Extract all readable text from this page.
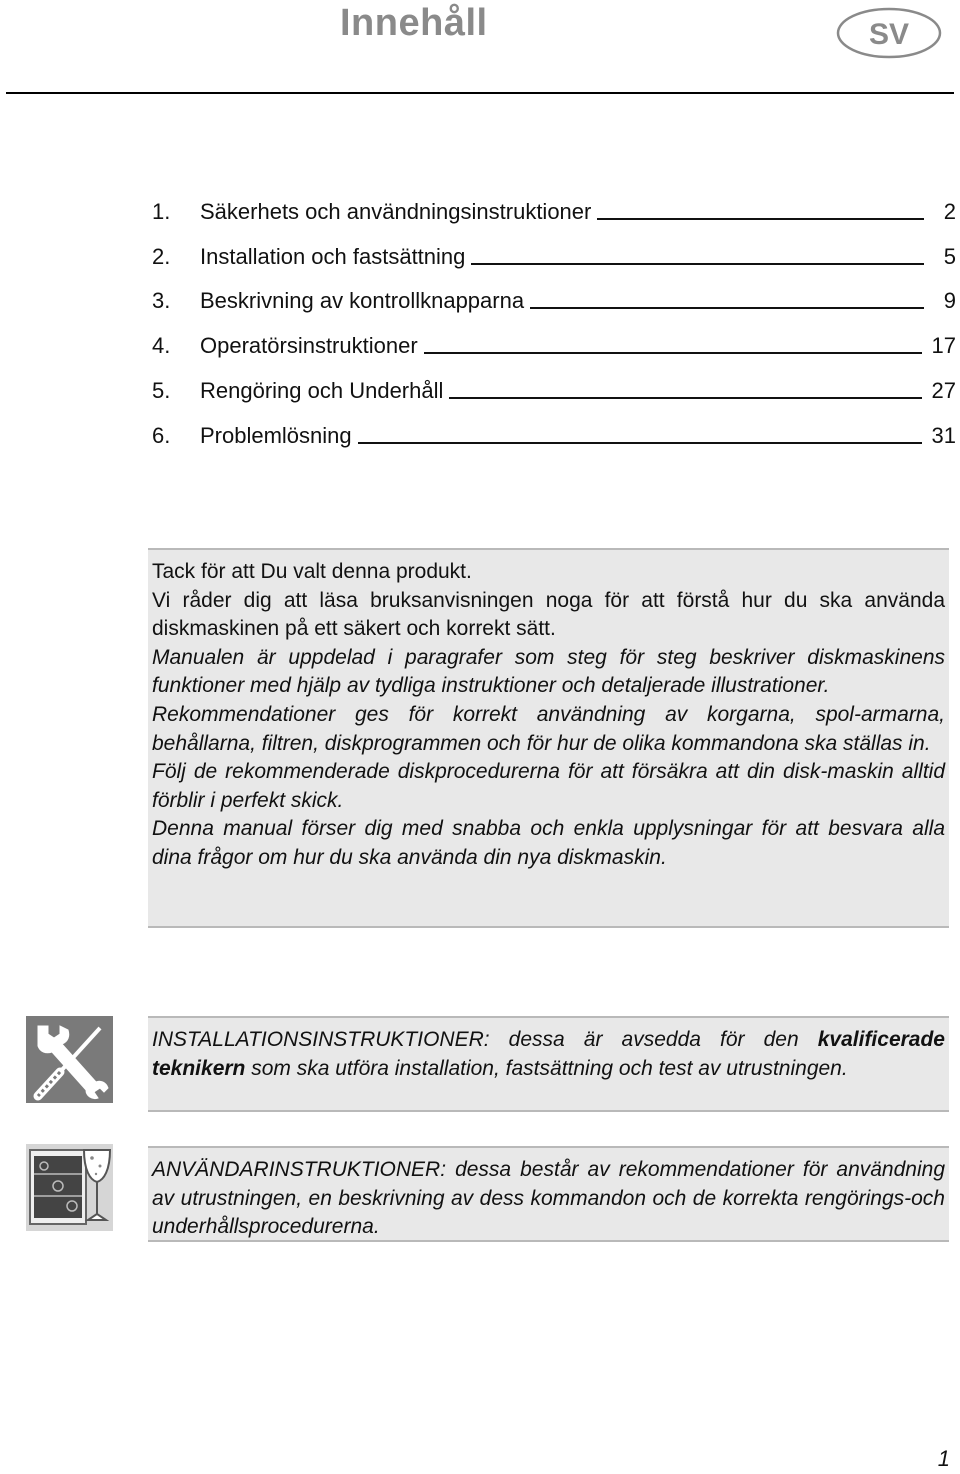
Innehåll	SV
1.	Säkerhets och användningsinstruktioner	2
2.	Installation och fastsättning	5
3.	Beskrivning av kontrollknapparna	9
4.	Operatörsinstruktioner	17
5.	Rengöring och Underhåll	27
6.	Problemlösning	31

Tack för att Du valt denna produkt.

Vi råder dig att läsa bruksanvisningen noga för att förstå hur du ska använda diskmaskinen på ett säkert och korrekt sätt.

Manualen är uppdelad i paragrafer som steg för steg beskriver diskmaskinens funktioner med hjälp av tydliga instruktioner och detaljerade illustrationer.

Rekommendationer ges för korrekt användning av korgarna, spol-armarna, behållarna, filtren, diskprogrammen och för hur de olika kommandona ska ställas in.

Följ de rekommenderade diskprocedurerna för att försäkra att din disk-maskin alltid förblir i perfekt skick.

Denna manual förser dig med snabba och enkla upplysningar för att besvara alla dina frågor om hur du ska använda din nya diskmaskin.

INSTALLATIONSINSTRUKTIONER: dessa är avsedda för den kvalificerade teknikern som ska utföra installation, fastsättning och test av utrustningen.
ANVÄNDARINSTRUKTIONER: dessa består av rekommendationer för användning av utrustningen, en beskrivning av dess kommandon och de korrekta rengörings-och underhållsprocedurerna.
1
